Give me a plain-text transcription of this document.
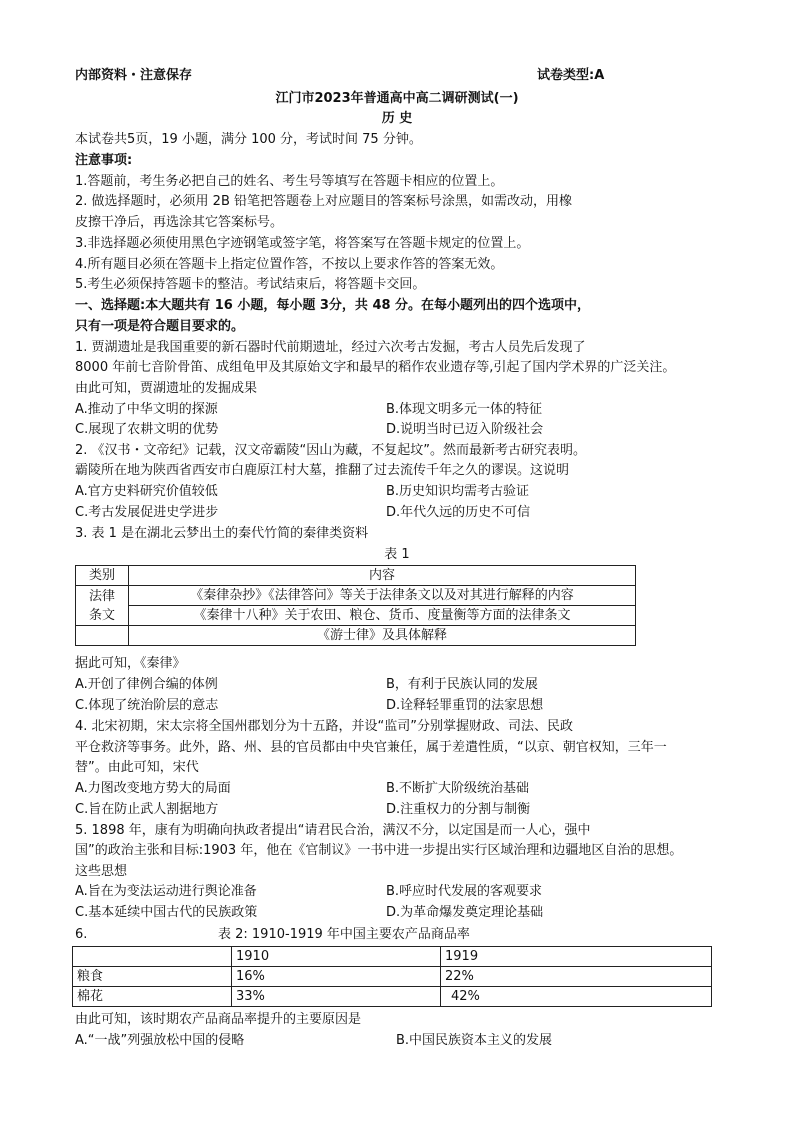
内部资料・注意保存	试卷类型:A
江门市2023年普通高中高二调研测试(一)
历 史
本试卷共5页，19 小题，满分 100 分，考试时间 75 分钟。
注意事项:
1.答题前，考生务必把自己的姓名、考生号等填写在答题卡相应的位置上。
2. 做选择题时，必须用 2B 铅笔把答题卷上对应题目的答案标号涂黑，如需改动，用橡
皮擦干净后，再选涂其它答案标号。
3.非选择题必须使用黑色字迹钢笔或签字笔，将答案写在答题卡规定的位置上。
4.所有题目必须在答题卡上指定位置作答，不按以上要求作答的答案无效。
5.考生必须保持答题卡的整洁。考试结束后，将答题卡交回。
一、选择题:本大题共有 16 小题，每小题 3分，共 48 分。在每小题列出的四个选项中，
只有一项是符合题目要求的。
1. 贾湖遗址是我国重要的新石器时代前期遗址，经过六次考古发掘，考古人员先后发现了
8000 年前七音阶骨笛、成组龟甲及其原始文字和最早的稻作农业遗存等,引起了国内学术界的广泛关注。
由此可知，贾湖遗址的发掘成果
A.推动了中华文明的探源	B.体现文明多元一体的特征
C.展现了农耕文明的优势	D.说明当时已迈入阶级社会
2. 《汉书・文帝纪》记载，汉文帝霸陵“因山为藏，不复起坟”。然而最新考古研究表明。
霸陵所在地为陕西省西安市白鹿原江村大墓，推翻了过去流传千年之久的谬误。这说明
A.官方史料研究价值较低	B.历史知识均需考古验证
C.考古发展促进史学进步	D.年代久远的历史不可信
3. 表 1 是在湖北云梦出土的秦代竹简的秦律类资料
表 1
类别	内容
法律
条文	《秦律杂抄》《法律答问》等关于法律条文以及对其进行解释的内容
	《秦律十八种》关于农田、粮仓、货币、度量衡等方面的法律条文
	《游士律》及具体解释
据此可知，《秦律》
A.开创了律例合编的体例	B，有利于民族认同的发展
C.体现了统治阶层的意志	D.诠释轻罪重罚的法家思想
4. 北宋初期，宋太宗将全国州郡划分为十五路，并设“监司”分别掌握财政、司法、民政
平仓救济等事务。此外，路、州、县的官员都由中央官兼任，属于差遣性质，“以京、朝官权知，三年一
替”。由此可知，宋代
A.力图改变地方势大的局面	B.不断扩大阶级统治基础
C.旨在防止武人割据地方	D.注重权力的分割与制衡
5. 1898 年，康有为明确向执政者提出“请君民合治，满汉不分，以定国是而一人心，强中
国”的政治主张和目标:1903 年，他在《官制议》一书中进一步提出实行区域治理和边疆地区自治的思想。
这些思想
A.旨在为变法运动进行舆论准备	B.呼应时代发展的客观要求
C.基本延续中国古代的民族政策	D.为革命爆发奠定理论基础
6.	表 2: 1910-1919 年中国主要农产品商品率
	1910	1919
粮食	16%	22%
棉花	33%	42%
由此可知，该时期农产品商品率提升的主要原因是
A.“一战”列强放松中国的侵略	B.中国民族资本主义的发展
